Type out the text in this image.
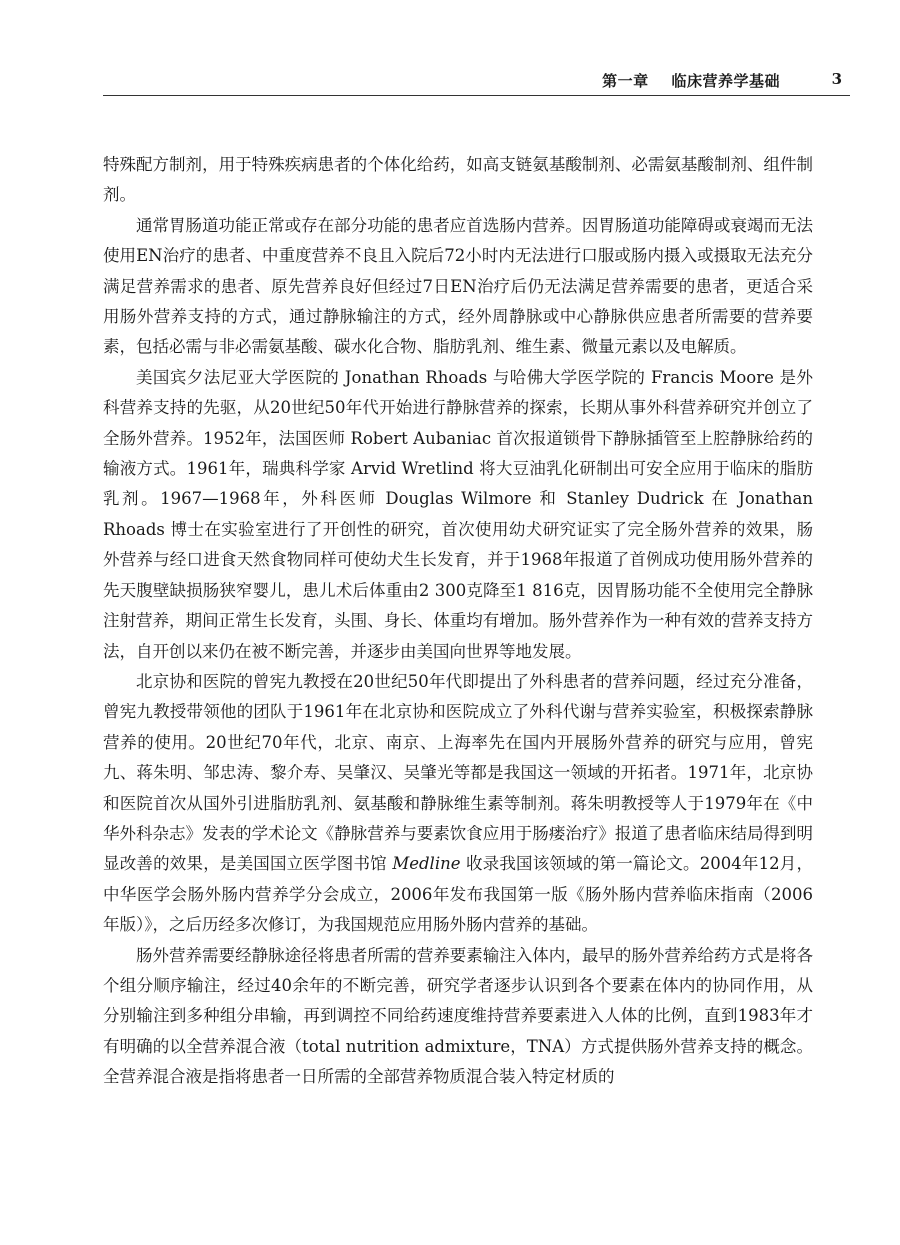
第一章 临床营养学基础	3

特殊配方制剂，用于特殊疾病患者的个体化给药，如高支链氨基酸制剂、必需氨基酸制剂、组件制剂。

通常胃肠道功能正常或存在部分功能的患者应首选肠内营养。因胃肠道功能障碍或衰竭而无法使用EN治疗的患者、中重度营养不良且入院后72小时内无法进行口服或肠内摄入或摄取无法充分满足营养需求的患者、原先营养良好但经过7日EN治疗后仍无法满足营养需要的患者，更适合采用肠外营养支持的方式，通过静脉输注的方式，经外周静脉或中心静脉供应患者所需要的营养要素，包括必需与非必需氨基酸、碳水化合物、脂肪乳剂、维生素、微量元素以及电解质。

美国宾夕法尼亚大学医院的 Jonathan Rhoads 与哈佛大学医学院的 Francis Moore 是外科营养支持的先驱，从20世纪50年代开始进行静脉营养的探索，长期从事外科营养研究并创立了全肠外营养。1952年，法国医师 Robert Aubaniac 首次报道锁骨下静脉插管至上腔静脉给药的输液方式。1961年，瑞典科学家 Arvid Wretlind 将大豆油乳化研制出可安全应用于临床的脂肪乳剂。1967—1968年，外科医师 Douglas Wilmore 和 Stanley Dudrick 在 Jonathan Rhoads 博士在实验室进行了开创性的研究，首次使用幼犬研究证实了完全肠外营养的效果，肠外营养与经口进食天然食物同样可使幼犬生长发育，并于1968年报道了首例成功使用肠外营养的先天腹壁缺损肠狭窄婴儿，患儿术后体重由2 300克降至1 816克，因胃肠功能不全使用完全静脉注射营养，期间正常生长发育，头围、身长、体重均有增加。肠外营养作为一种有效的营养支持方法，自开创以来仍在被不断完善，并逐步由美国向世界等地发展。

北京协和医院的曾宪九教授在20世纪50年代即提出了外科患者的营养问题，经过充分准备，曾宪九教授带领他的团队于1961年在北京协和医院成立了外科代谢与营养实验室，积极探索静脉营养的使用。20世纪70年代，北京、南京、上海率先在国内开展肠外营养的研究与应用，曾宪九、蒋朱明、邹忠涛、黎介寿、吴肇汉、吴肇光等都是我国这一领域的开拓者。1971年，北京协和医院首次从国外引进脂肪乳剂、氨基酸和静脉维生素等制剂。蒋朱明教授等人于1979年在《中华外科杂志》发表的学术论文《静脉营养与要素饮食应用于肠瘘治疗》报道了患者临床结局得到明显改善的效果，是美国国立医学图书馆 Medline 收录我国该领域的第一篇论文。2004年12月，中华医学会肠外肠内营养学分会成立，2006年发布我国第一版《肠外肠内营养临床指南（2006年版）》，之后历经多次修订，为我国规范应用肠外肠内营养的基础。

肠外营养需要经静脉途径将患者所需的营养要素输注入体内，最早的肠外营养给药方式是将各个组分顺序输注，经过40余年的不断完善，研究学者逐步认识到各个要素在体内的协同作用，从分别输注到多种组分串输，再到调控不同给药速度维持营养要素进入人体的比例，直到1983年才有明确的以全营养混合液（total nutrition admixture，TNA）方式提供肠外营养支持的概念。全营养混合液是指将患者一日所需的全部营养物质混合装入特定材质的
